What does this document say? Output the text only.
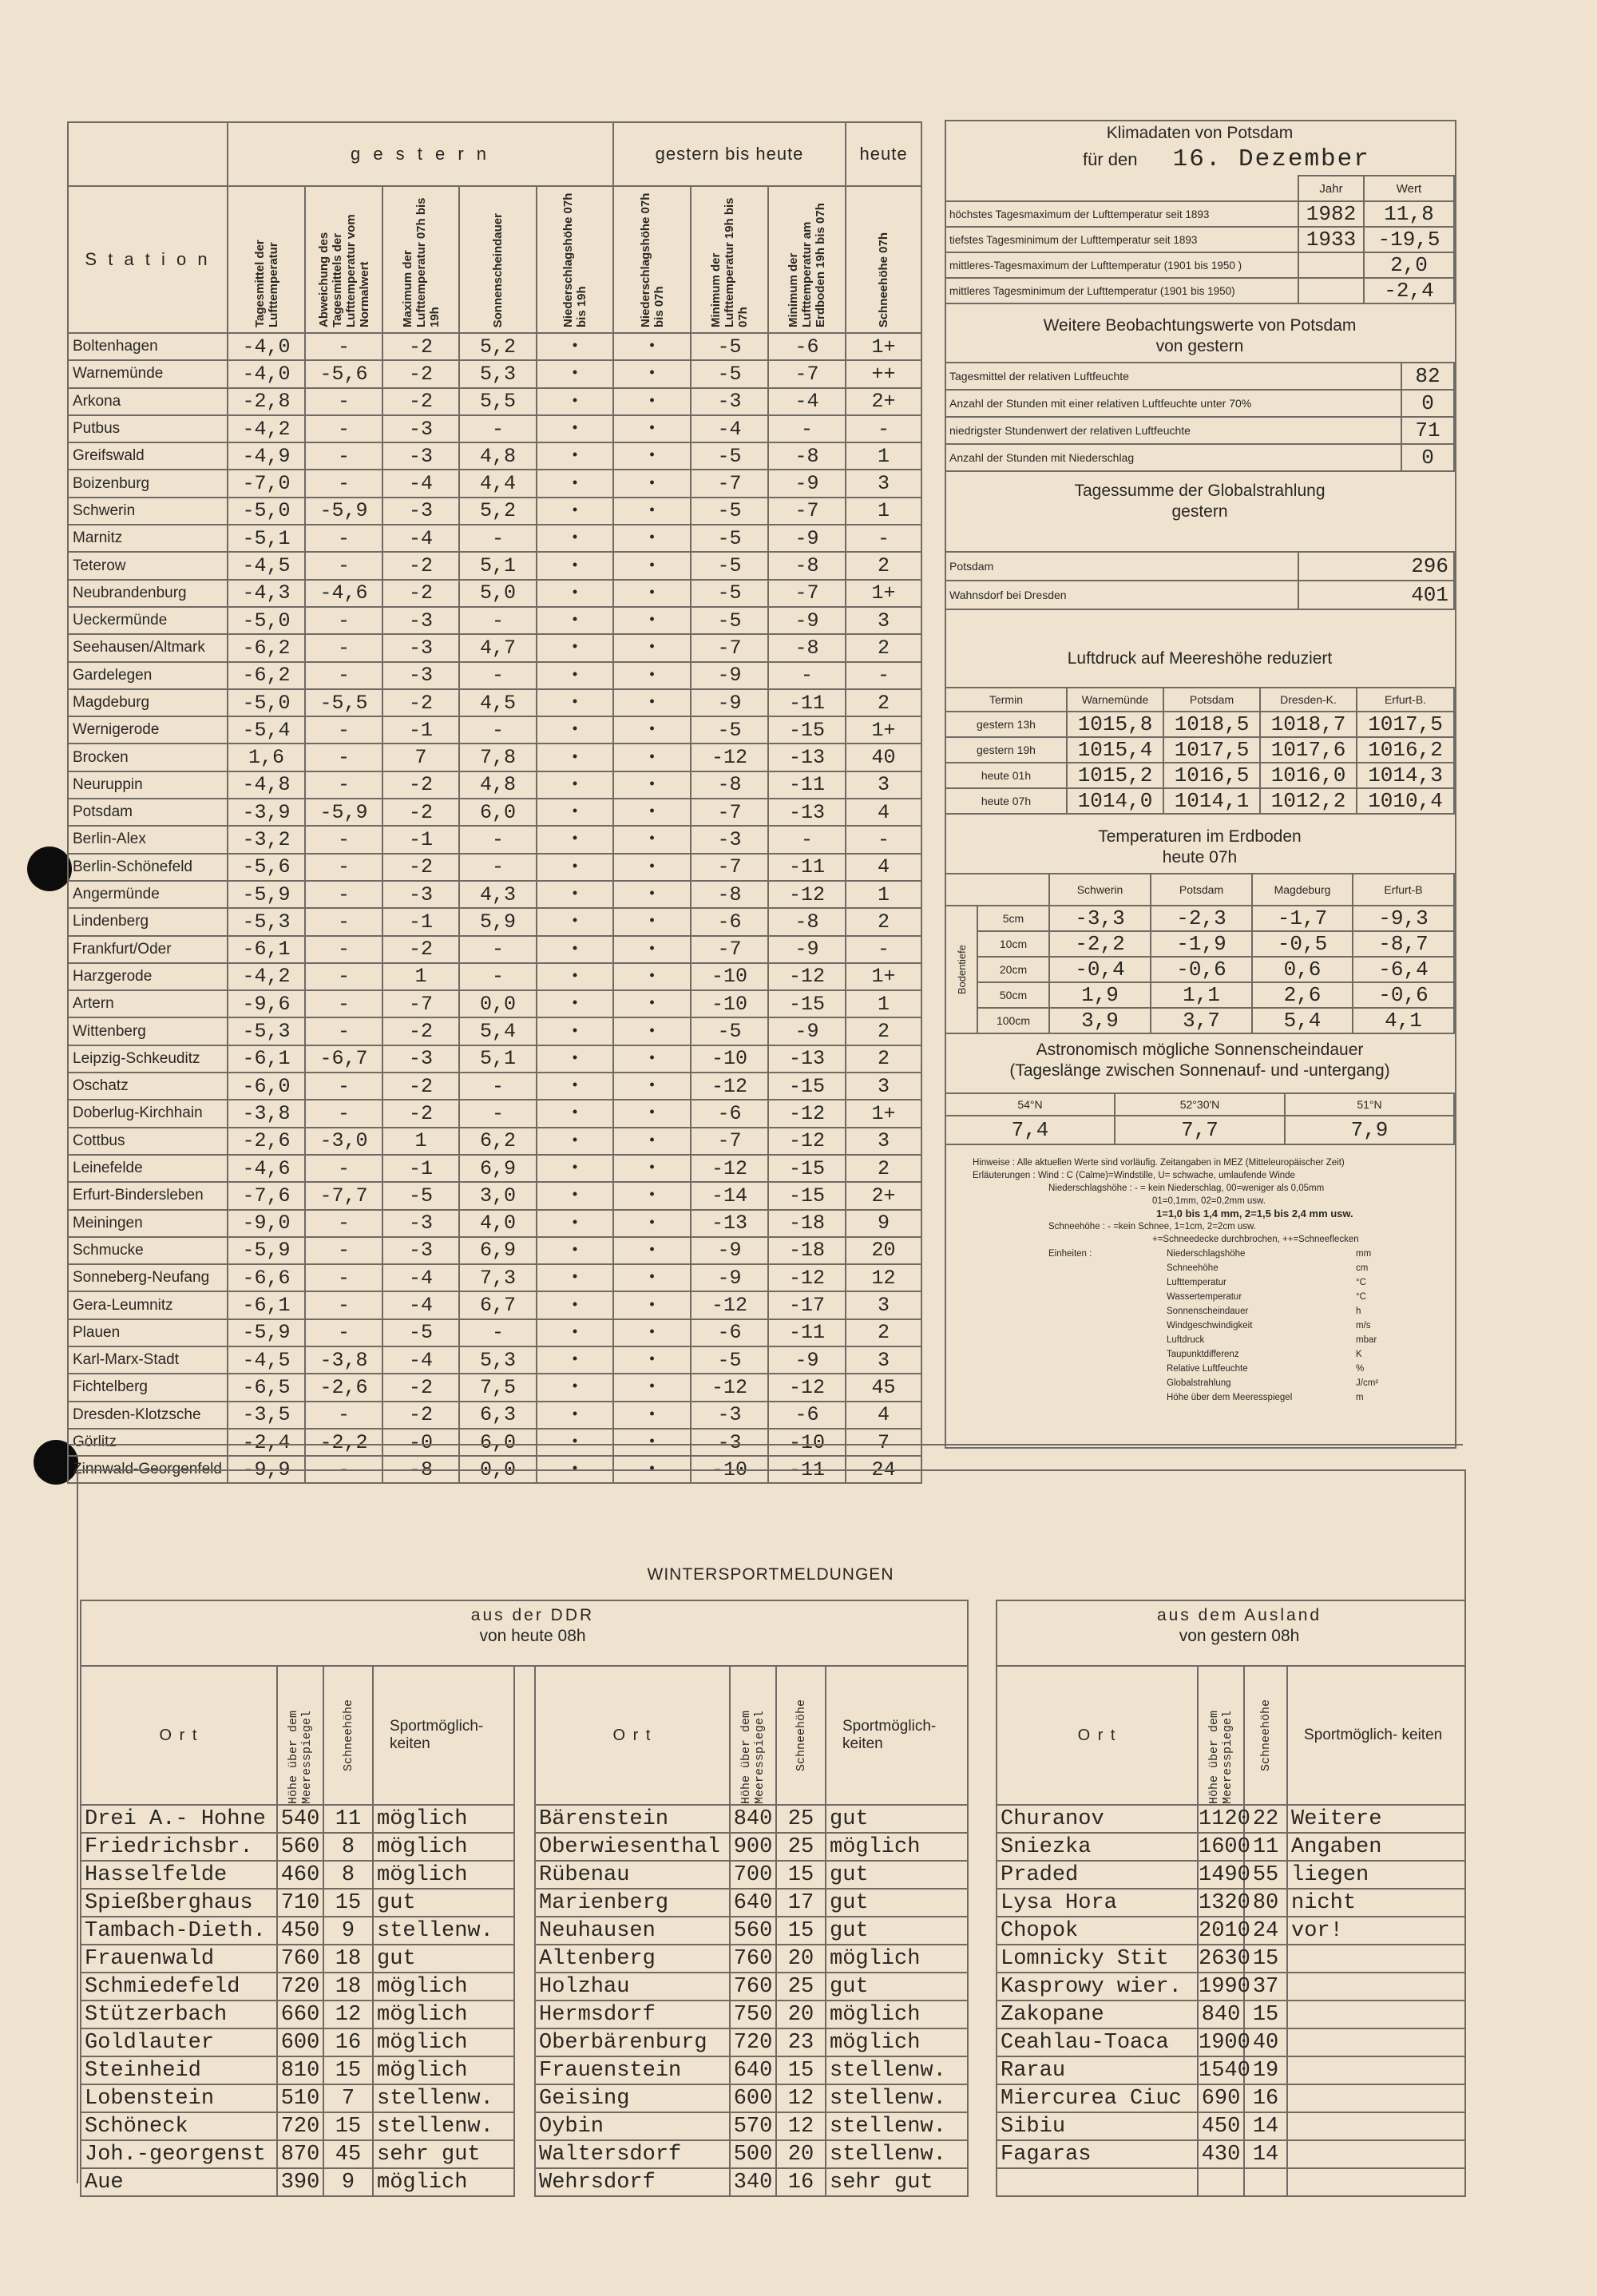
	g e s t e r n					gestern bis heute			heute
S t a t i o n	Tagesmittel der Lufttemperatur	Abweichung des Tagesmittels der Lufttemperatur vom Normalwert	Maximum der Lufttemperatur 07h bis 19h	Sonnenscheindauer	Niederschlagshöhe 07h bis 19h	Niederschlagshöhe 07h bis 07h	Minimum der Lufttemperatur 19h bis 07h	Minimum der Lufttemperatur am Erdboden 19h bis 07h	Schneehöhe 07h

Boltenhagen	-4,0	-	-2	5,2	•	•	-5	-6	1+
Warnemünde	-4,0	-5,6	-2	5,3	•	•	-5	-7	++
Arkona	-2,8	-	-2	5,5	•	•	-3	-4	2+
Putbus	-4,2	-	-3	-	•	•	-4	-	-
Greifswald	-4,9	-	-3	4,8	•	•	-5	-8	1
Boizenburg	-7,0	-	-4	4,4	•	•	-7	-9	3
Schwerin	-5,0	-5,9	-3	5,2	•	•	-5	-7	1
Marnitz	-5,1	-	-4	-	•	•	-5	-9	-
Teterow	-4,5	-	-2	5,1	•	•	-5	-8	2
Neubrandenburg	-4,3	-4,6	-2	5,0	•	•	-5	-7	1+
Ueckermünde	-5,0	-	-3	-	•	•	-5	-9	3
Seehausen/Altmark	-6,2	-	-3	4,7	•	•	-7	-8	2
Gardelegen	-6,2	-	-3	-	•	•	-9	-	-
Magdeburg	-5,0	-5,5	-2	4,5	•	•	-9	-11	2
Wernigerode	-5,4	-	-1	-	•	•	-5	-15	1+
Brocken	1,6	-	7	7,8	•	•	-12	-13	40
Neuruppin	-4,8	-	-2	4,8	•	•	-8	-11	3
Potsdam	-3,9	-5,9	-2	6,0	•	•	-7	-13	4
Berlin-Alex	-3,2	-	-1	-	•	•	-3	-	-
Berlin-Schönefeld	-5,6	-	-2	-	•	•	-7	-11	4
Angermünde	-5,9	-	-3	4,3	•	•	-8	-12	1
Lindenberg	-5,3	-	-1	5,9	•	•	-6	-8	2
Frankfurt/Oder	-6,1	-	-2	-	•	•	-7	-9	-
Harzgerode	-4,2	-	1	-	•	•	-10	-12	1+
Artern	-9,6	-	-7	0,0	•	•	-10	-15	1
Wittenberg	-5,3	-	-2	5,4	•	•	-5	-9	2
Leipzig-Schkeuditz	-6,1	-6,7	-3	5,1	•	•	-10	-13	2
Oschatz	-6,0	-	-2	-	•	•	-12	-15	3
Doberlug-Kirchhain	-3,8	-	-2	-	•	•	-6	-12	1+
Cottbus	-2,6	-3,0	1	6,2	•	•	-7	-12	3
Leinefelde	-4,6	-	-1	6,9	•	•	-12	-15	2
Erfurt-Bindersleben	-7,6	-7,7	-5	3,0	•	•	-14	-15	2+
Meiningen	-9,0	-	-3	4,0	•	•	-13	-18	9
Schmucke	-5,9	-	-3	6,9	•	•	-9	-18	20
Sonneberg-Neufang	-6,6	-	-4	7,3	•	•	-9	-12	12
Gera-Leumnitz	-6,1	-	-4	6,7	•	•	-12	-17	3
Plauen	-5,9	-	-5	-	•	•	-6	-11	2
Karl-Marx-Stadt	-4,5	-3,8	-4	5,3	•	•	-5	-9	3
Fichtelberg	-6,5	-2,6	-2	7,5	•	•	-12	-12	45
Dresden-Klotzsche	-3,5	-	-2	6,3	•	•	-3	-6	4
Görlitz	-2,4	-2,2	-0	6,0	•	•	-3	-10	7
Zinnwald-Georgenfeld	-9,9	-	-8	0,0	•	•	-10	-11	24
Klimadaten von Potsdam
für den 16. Dezember
	Jahr	Wert
höchstes Tagesmaximum der Lufttemperatur seit 1893	1982	11,8
tiefstes Tagesminimum der Lufttemperatur seit 1893	1933	-19,5
mittleres-Tagesmaximum der Lufttemperatur (1901 bis 1950 )		2,0
mittleres Tagesminimum der Lufttemperatur (1901 bis 1950)		-2,4
Weitere Beobachtungswerte von Potsdam
von gestern
Tagesmittel der relativen Luftfeuchte	82
Anzahl der Stunden mit einer relativen Luftfeuchte unter 70%	0
niedrigster Stundenwert der relativen Luftfeuchte	71
Anzahl der Stunden mit Niederschlag	0
Tagessumme der Globalstrahlung
gestern
Potsdam	296
Wahnsdorf bei Dresden	401
Luftdruck auf Meereshöhe reduziert
Termin	Warnemünde	Potsdam	Dresden-K.	Erfurt-B.
gestern 13h	1015,8	1018,5	1018,7	1017,5
gestern 19h	1015,4	1017,5	1017,6	1016,2
heute 01h	1015,2	1016,5	1016,0	1014,3
heute 07h	1014,0	1014,1	1012,2	1010,4
Temperaturen im Erdboden
heute 07h
		Schwerin	Potsdam	Magdeburg	Erfurt-B

Bodentiefe	5cm	-3,3	-2,3	-1,7	-9,3
	10cm	-2,2	-1,9	-0,5	-8,7
	20cm	-0,4	-0,6	0,6	-6,4
	50cm	1,9	1,1	2,6	-0,6
	100cm	3,9	3,7	5,4	4,1
Astronomisch mögliche Sonnenscheindauer
(Tageslänge zwischen Sonnenauf- und -untergang)
54°N	52°30'N	51°N
7,4	7,7	7,9
Hinweise : Alle aktuellen Werte sind vorläufig. Zeitangaben in MEZ (Mitteleuropäischer Zeit)
Erläuterungen : Wind : C (Calme)=Windstille, U= schwache, umlaufende Winde
Niederschlagshöhe : - = kein Niederschlag, 00=weniger als 0,05mm
01=0,1mm, 02=0,2mm usw.
1=1,0 bis 1,4 mm, 2=1,5 bis 2,4 mm usw.
Schneehöhe : - =kein Schnee, 1=1cm, 2=2cm usw.
+=Schneedecke durchbrochen, ++=Schneeflecken
Einheiten :	Niederschlagshöhe	mm
Schneehöhe	cm
Lufttemperatur	°C
Wassertemperatur	°C
Sonnenscheindauer	h
Windgeschwindigkeit	m/s
Luftdruck	mbar
Taupunktdifferenz	K
Relative Luftfeuchte	%
Globalstrahlung	J/cm²
Höhe über dem Meeresspiegel	m
WINTERSPORTMELDUNGEN
aus der DDR
von heute 08h
aus dem Ausland
von gestern 08h

O r t	Höhe über dem Meeresspiegel	Schneehöhe	Sportmöglich- keiten		O r t	Höhe über dem Meeresspiegel	Schneehöhe	Sportmöglich- keiten		O r t	Höhe über dem Meeresspiegel	Schneehöhe	Sportmöglich- keiten
Drei A.- Hohne	540	11	möglich		Bärenstein	840	25	gut		Churanov	1120	22	Weitere
Friedrichsbr.	560	8	möglich		Oberwiesenthal	900	25	möglich		Sniezka	1600	11	Angaben
Hasselfelde	460	8	möglich		Rübenau	700	15	gut		Praded	1490	55	liegen
Spießberghaus	710	15	gut		Marienberg	640	17	gut		Lysa Hora	1320	80	nicht
Tambach-Dieth.	450	9	stellenw.		Neuhausen	560	15	gut		Chopok	2010	24	vor!
Frauenwald	760	18	gut		Altenberg	760	20	möglich		Lomnicky Stit	2630	15	
Schmiedefeld	720	18	möglich		Holzhau	760	25	gut		Kasprowy wier.	1990	37	
Stützerbach	660	12	möglich		Hermsdorf	750	20	möglich		Zakopane	840	15	
Goldlauter	600	16	möglich		Oberbärenburg	720	23	möglich		Ceahlau-Toaca	1900	40	
Steinheid	810	15	möglich		Frauenstein	640	15	stellenw.		Rarau	1540	19	
Lobenstein	510	7	stellenw.		Geising	600	12	stellenw.		Miercurea Ciuc	690	16	
Schöneck	720	15	stellenw.		Oybin	570	12	stellenw.		Sibiu	450	14	
Joh.-georgenst	870	45	sehr gut		Waltersdorf	500	20	stellenw.		Fagaras	430	14	
Aue	390	9	möglich		Wehrsdorf	340	16	sehr gut					
